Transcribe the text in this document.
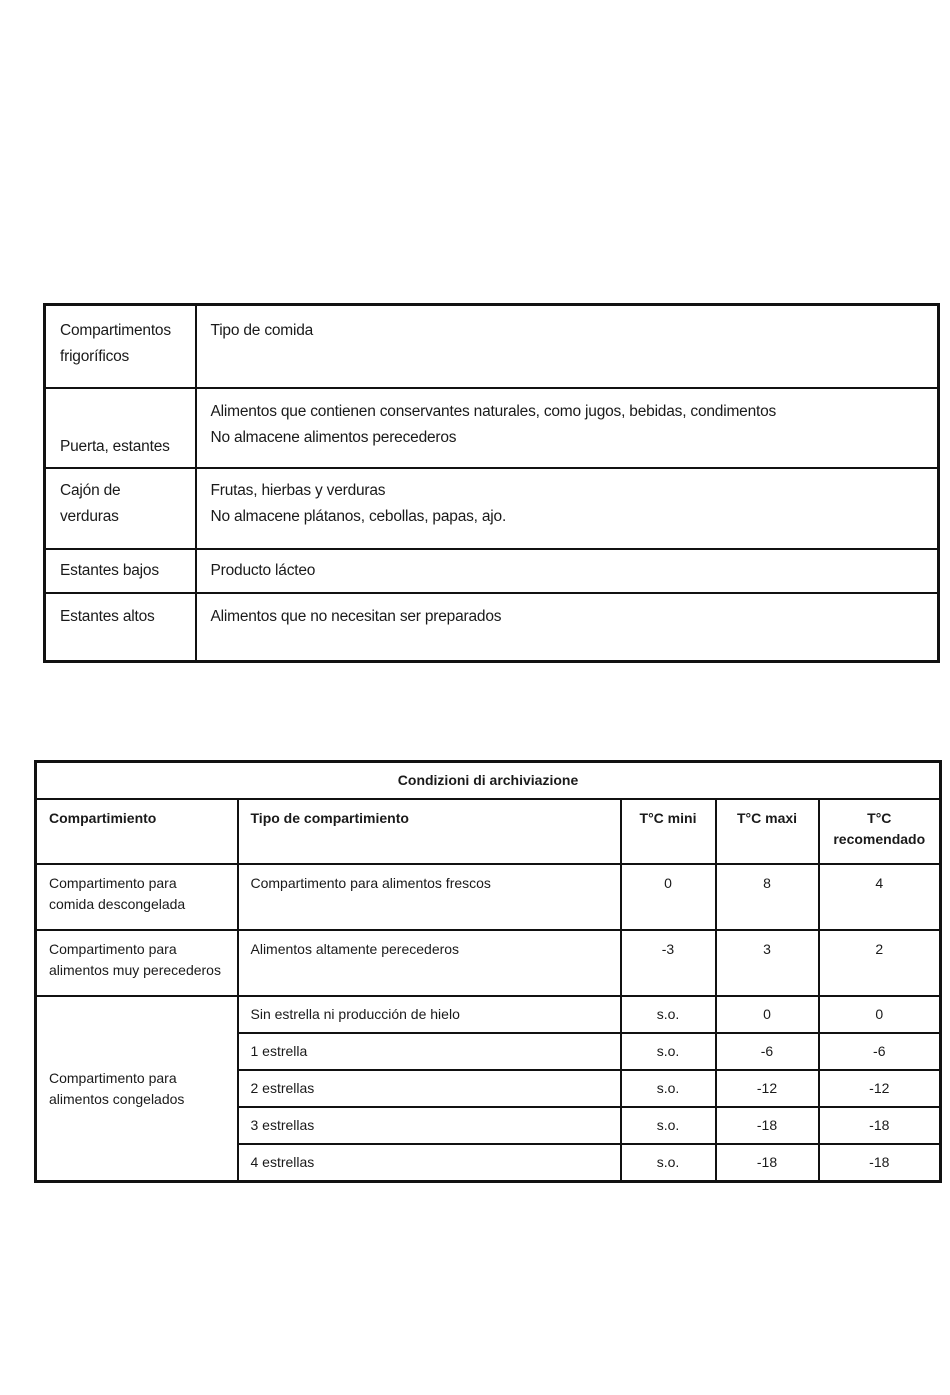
Compartimentos
frigoríficos	Tipo de comida
Puerta, estantes	Alimentos que contienen conservantes naturales, como jugos, bebidas, condimentos
No almacene alimentos perecederos

Cajón de verduras	Frutas, hierbas y verduras
No almacene plátanos, cebollas, papas, ajo.

Estantes bajos	Producto lácteo
Estantes altos	Alimentos que no necesitan ser preparados
Condizioni di archiviazione				
Compartimiento	Tipo de compartimiento	T°C mini	T°C maxi	T°C
recomendado

Compartimento para
comida descongelada	Compartimento para alimentos frescos	0	8	4

Compartimento para
alimentos muy perecederos	Alimentos altamente perecederos	-3	3	2

Compartimento para
alimentos congelados	Sin estrella ni producción de hielo	s.o.	0	0
	1 estrella	s.o.	-6	-6
	2 estrellas	s.o.	-12	-12
	3 estrellas	s.o.	-18	-18
	4 estrellas	s.o.	-18	-18
